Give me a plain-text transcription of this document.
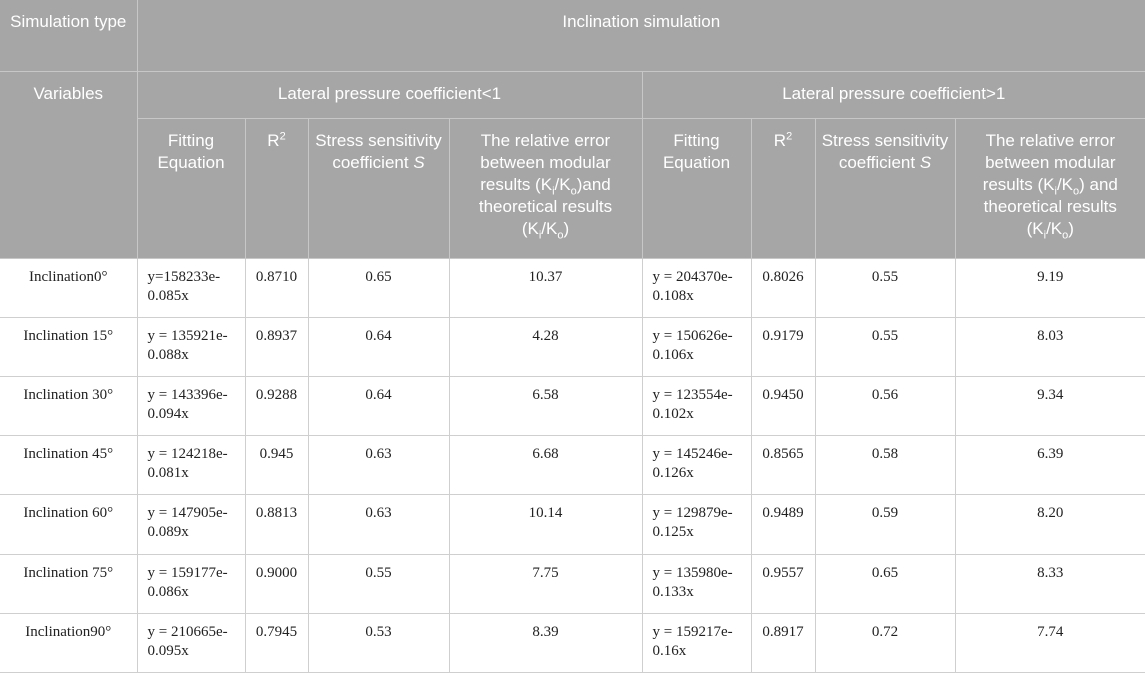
Simulation type	Inclination simulation							
Variables	Lateral pressure coefficient<1				Lateral pressure coefficient>1			
	Fitting Equation	$R^2$	Stress sensitivity coefficient S	The relative error between modular results $(K_i/K_o)and$ theoretical results $(K_i/K_o)$	Fitting Equation	$R^2$	Stress sensitivity coefficient S	The relative error between modular results $(K_i/K_o)$ and theoretical results $(K_i/K_o)$
Inclination0°	y=158233e-0.085x	0.8710	0.65	10.37	y = 204370e-0.108x	0.8026	0.55	9.19
Inclination 15°	y = 135921e-0.088x	0.8937	0.64	4.28	y = 150626e-0.106x	0.9179	0.55	8.03
Inclination 30°	y = 143396e-0.094x	0.9288	0.64	6.58	y = 123554e-0.102x	0.9450	0.56	9.34
Inclination 45°	y = 124218e-0.081x	0.945	0.63	6.68	y = 145246e-0.126x	0.8565	0.58	6.39
Inclination 60°	y = 147905e-0.089x	0.8813	0.63	10.14	y = 129879e-0.125x	0.9489	0.59	8.20
Inclination 75°	y = 159177e-0.086x	0.9000	0.55	7.75	y = 135980e-0.133x	0.9557	0.65	8.33
Inclination90°	y = 210665e-0.095x	0.7945	0.53	8.39	y = 159217e-0.16x	0.8917	0.72	7.74
